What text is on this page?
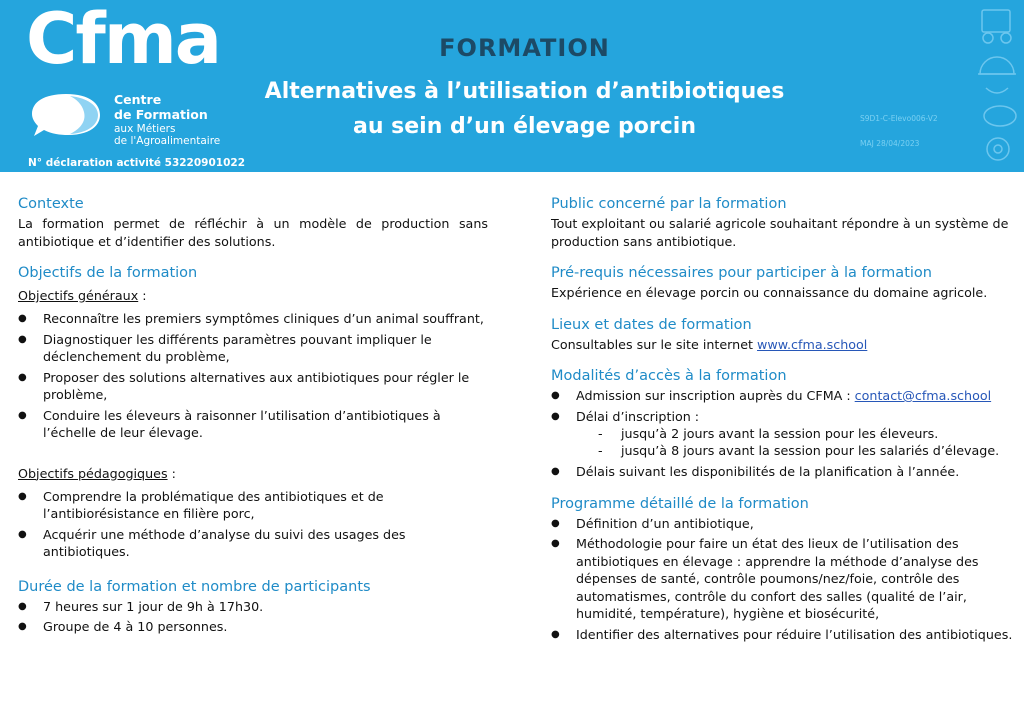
Cfma
Centre
de Formation
aux Métiers
de l'Agroalimentaire
N° déclaration activité 53220901022
FORMATION
Alternatives à l’utilisation d’antibiotiques
au sein d’un élevage porcin	S9D1-C-Elevo006-V2
MAJ 28/04/2023
Contexte

La formation permet de réfléchir à un modèle de production sans antibiotique et d’identifier des solutions.

Objectifs de la formation

Objectifs généraux :

● Reconnaître les premiers symptômes cliniques d’un animal souffrant,
● Diagnostiquer les différents paramètres pouvant impliquer le déclenchement du problème,
● Proposer des solutions alternatives aux antibiotiques pour régler le problème,
● Conduire les éleveurs à raisonner l’utilisation d’antibiotiques à l’échelle de leur élevage.

Objectifs pédagogiques :

● Comprendre la problématique des antibiotiques et de l’antibiorésistance en filière porc,
● Acquérir une méthode d’analyse du suivi des usages des antibiotiques.
Durée de la formation et nombre de participants
● 7 heures sur 1 jour de 9h à 17h30.
● Groupe de 4 à 10 personnes.
Public concerné par la formation

Tout exploitant ou salarié agricole souhaitant répondre à un système de production sans antibiotique.

Pré-requis nécessaires pour participer à la formation

Expérience en élevage porcin ou connaissance du domaine agricole.

Lieux et dates de formation

Consultables sur le site internet www.cfma.school

Modalités d’accès à la formation
● Admission sur inscription auprès du CFMA : contact@cfma.school
● Délai d’inscription :
- jusqu’à 2 jours avant la session pour les éleveurs.
- jusqu’à 8 jours avant la session pour les salariés d’élevage.
● Délais suivant les disponibilités de la planification à l’année.
Programme détaillé de la formation
● Définition d’un antibiotique,
● Méthodologie pour faire un état des lieux de l’utilisation des antibiotiques en élevage : apprendre la méthode d’analyse des dépenses de santé, contrôle poumons/nez/foie, contrôle des automatismes, contrôle du confort des salles (qualité de l’air, humidité, température), hygiène et biosécurité,
● Identifier des alternatives pour réduire l’utilisation des antibiotiques.
